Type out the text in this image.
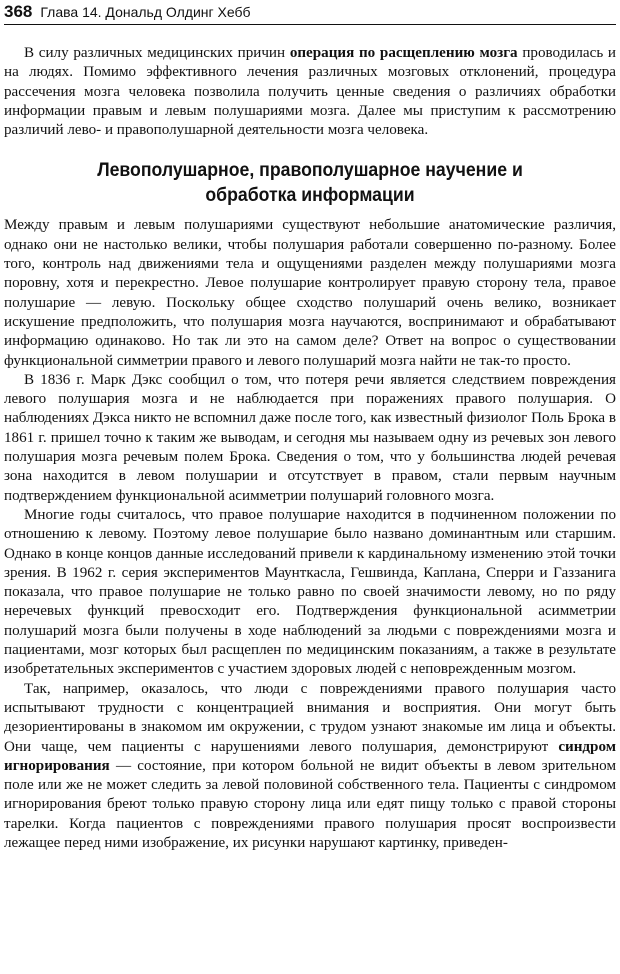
368 Глава 14. Дональд Олдинг Хебб

В силу различных медицинских причин операция по расщеплению мозга проводилась и на людях. Помимо эффективного лечения различных мозговых отклонений, процедура рассечения мозга человека позволила получить ценные сведения о различиях обработки информации правым и левым полушариями мозга. Далее мы приступим к рассмотрению различий лево- и правополушарной деятельности мозга человека.

Левополушарное, правополушарное научение и обработка информации

Между правым и левым полушариями существуют небольшие анатомические различия, однако они не настолько велики, чтобы полушария работали совершенно по-разному. Более того, контроль над движениями тела и ощущениями разделен между полушариями мозга поровну, хотя и перекрестно. Левое полушарие контролирует правую сторону тела, правое полушарие — левую. Поскольку общее сходство полушарий очень велико, возникает искушение предположить, что полушария мозга научаются, воспринимают и обрабатывают информацию одинаково. Но так ли это на самом деле? Ответ на вопрос о существовании функциональной симметрии правого и левого полушарий мозга найти не так-то просто.

В 1836 г. Марк Дэкс сообщил о том, что потеря речи является следствием повреждения левого полушария мозга и не наблюдается при поражениях правого полушария. О наблюдениях Дэкса никто не вспомнил даже после того, как известный физиолог Поль Брока в 1861 г. пришел точно к таким же выводам, и сегодня мы называем одну из речевых зон левого полушария мозга речевым полем Брока. Сведения о том, что у большинства людей речевая зона находится в левом полушарии и отсутствует в правом, стали первым научным подтверждением функциональной асимметрии полушарий головного мозга.

Многие годы считалось, что правое полушарие находится в подчиненном положении по отношению к левому. Поэтому левое полушарие было названо доминантным или старшим. Однако в конце концов данные исследований привели к кардинальному изменению этой точки зрения. В 1962 г. серия экспериментов Маунткасла, Гешвинда, Каплана, Сперри и Газзанига показала, что правое полушарие не только равно по своей значимости левому, но по ряду неречевых функций превосходит его. Подтверждения функциональной асимметрии полушарий мозга были получены в ходе наблюдений за людьми с повреждениями мозга и пациентами, мозг которых был расщеплен по медицинским показаниям, а также в результате изобретательных экспериментов с участием здоровых людей с неповрежденным мозгом.

Так, например, оказалось, что люди с повреждениями правого полушария часто испытывают трудности с концентрацией внимания и восприятия. Они могут быть дезориентированы в знакомом им окружении, с трудом узнают знакомые им лица и объекты. Они чаще, чем пациенты с нарушениями левого полушария, демонстрируют синдром игнорирования — состояние, при котором больной не видит объекты в левом зрительном поле или же не может следить за левой половиной собственного тела. Пациенты с синдромом игнорирования бреют только правую сторону лица или едят пищу только с правой стороны тарелки. Когда пациентов с повреждениями правого полушария просят воспроизвести лежащее перед ними изображение, их рисунки нарушают картинку, приведен-
